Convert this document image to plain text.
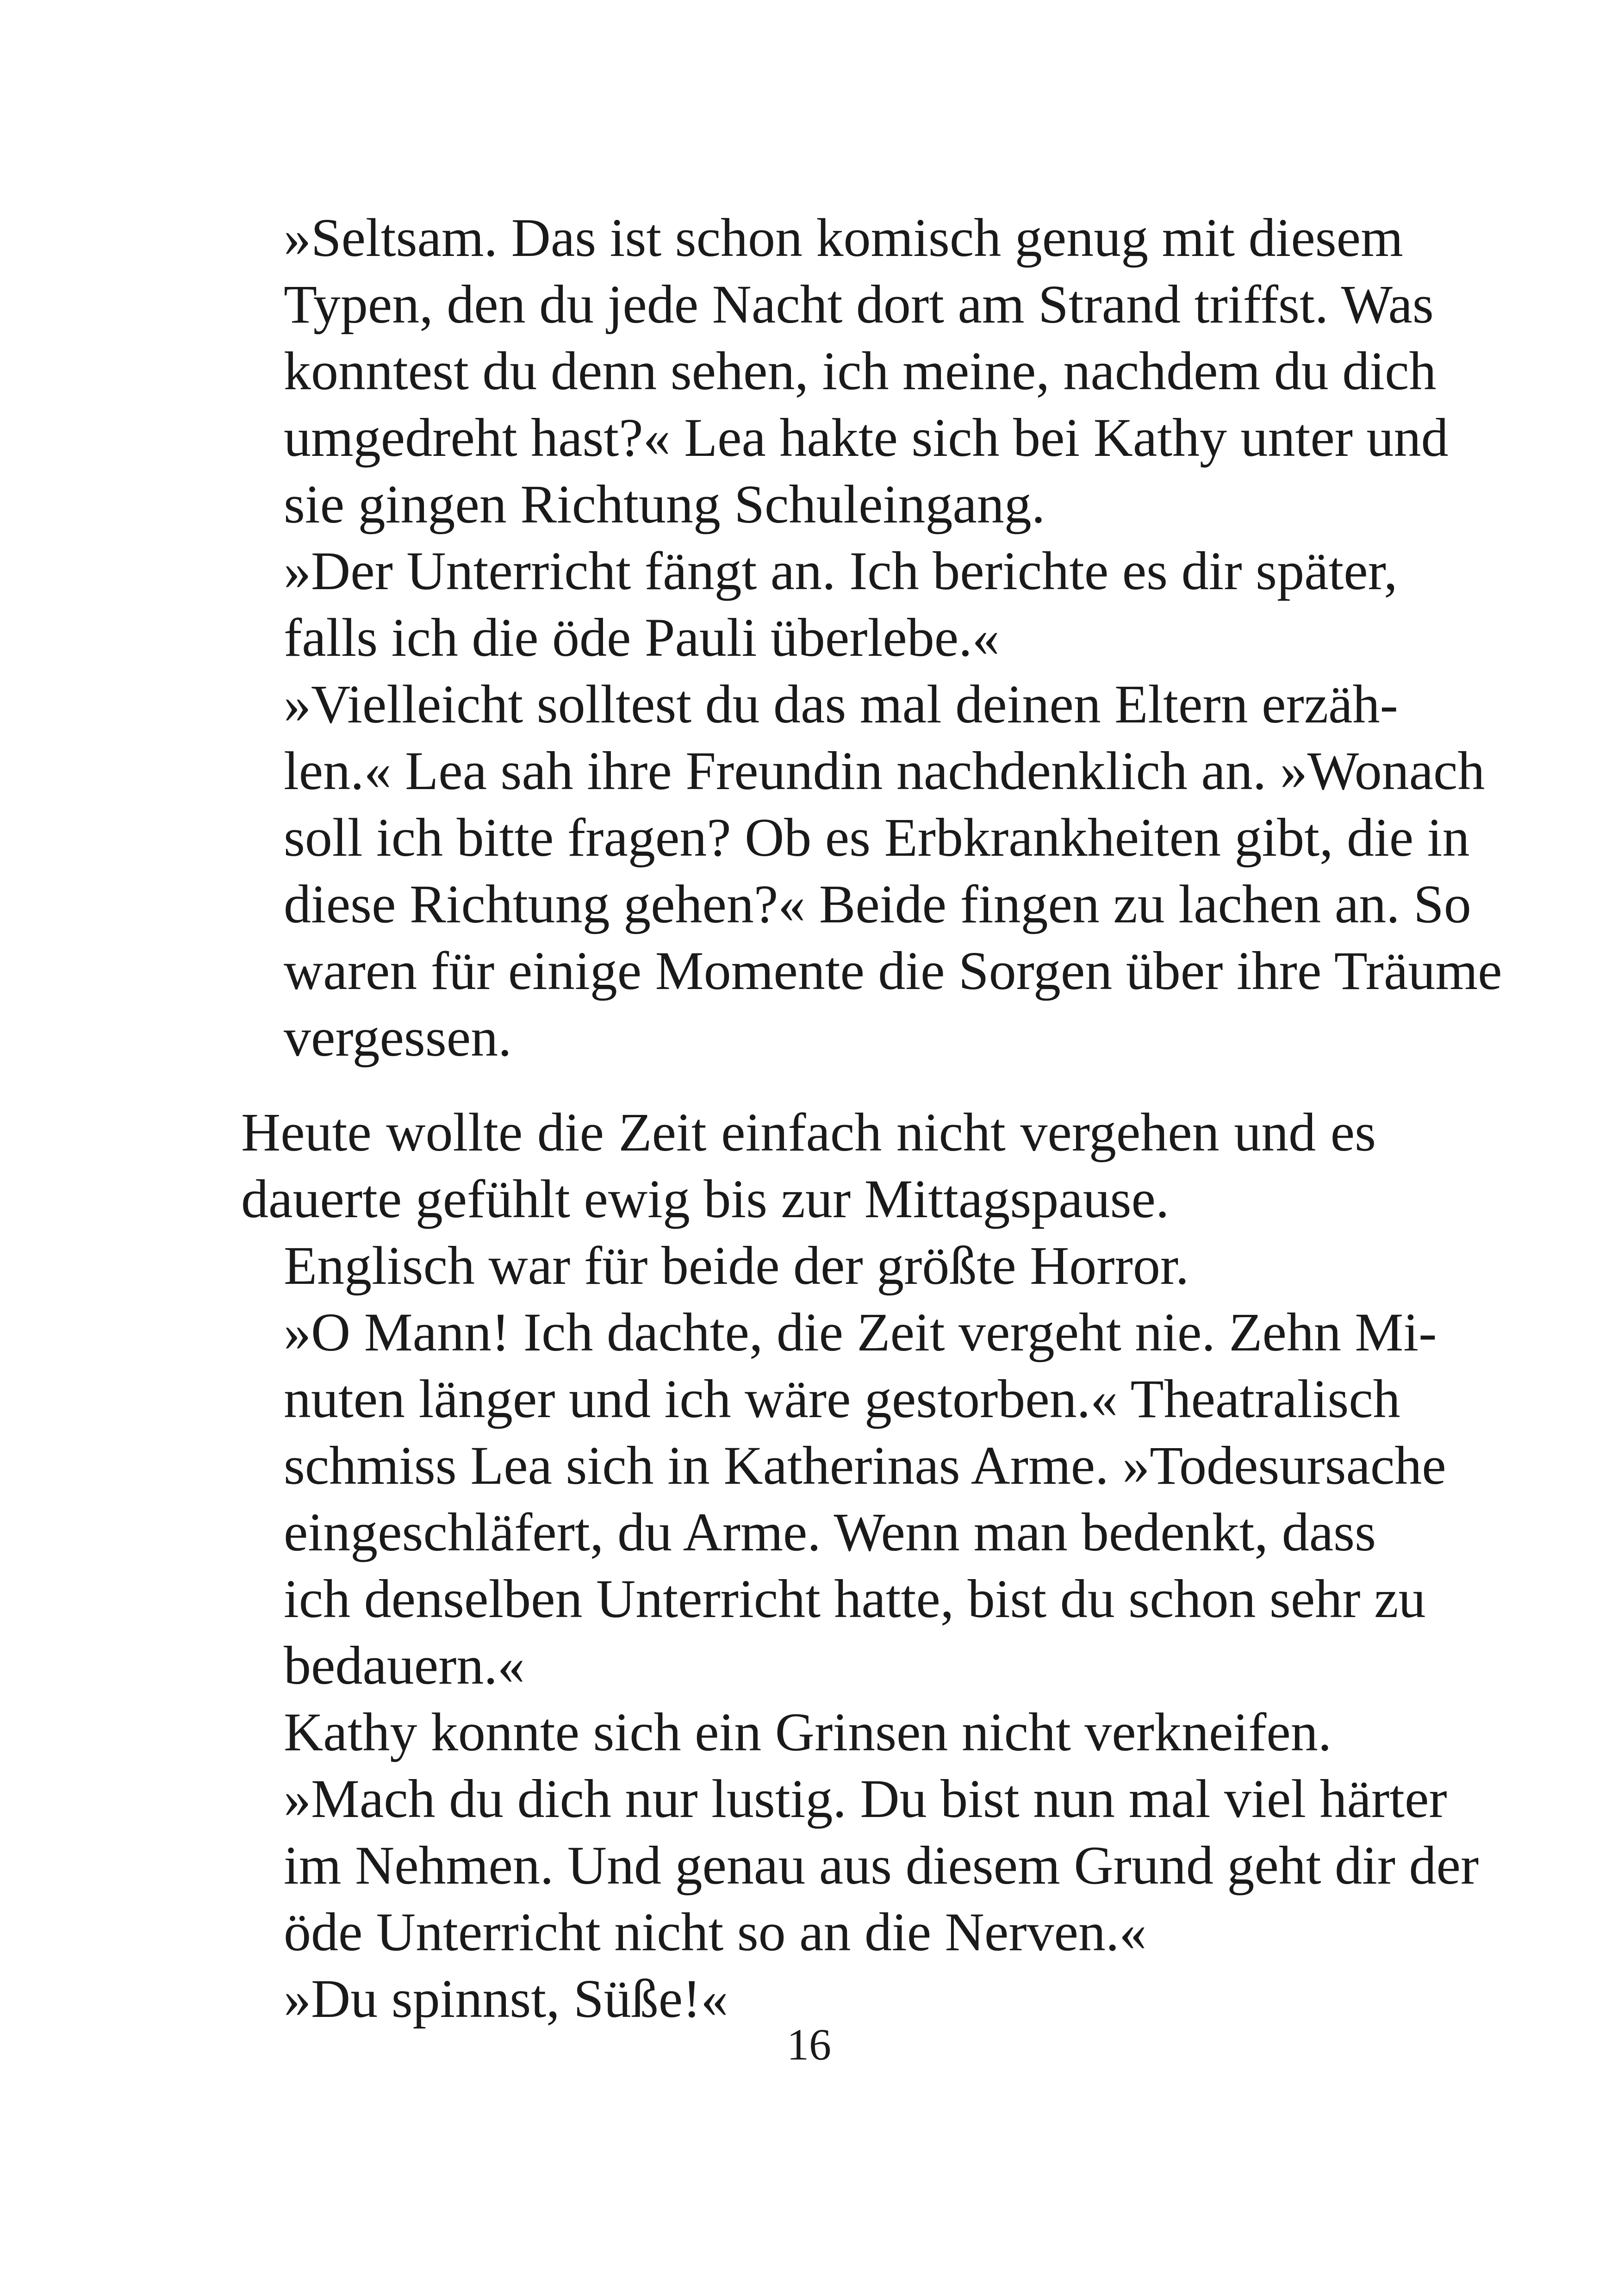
»Seltsam. Das ist schon komisch genug mit diesem
Typen, den du jede Nacht dort am Strand triffst. Was
konntest du denn sehen, ich meine, nachdem du dich
umgedreht hast?« Lea hakte sich bei Kathy unter und
sie gingen Richtung Schuleingang.

»Der Unterricht fängt an. Ich berichte es dir später,
falls ich die öde Pauli überlebe.«

»Vielleicht solltest du das mal deinen Eltern erzäh-
len.« Lea sah ihre Freundin nachdenklich an. »Wonach
soll ich bitte fragen? Ob es Erbkrankheiten gibt, die in
diese Richtung gehen?« Beide fingen zu lachen an. So
waren für einige Momente die Sorgen über ihre Träume
vergessen.

Heute wollte die Zeit einfach nicht vergehen und es
dauerte gefühlt ewig bis zur Mittagspause.

Englisch war für beide der größte Horror.

»O Mann! Ich dachte, die Zeit vergeht nie. Zehn Mi-
nuten länger und ich wäre gestorben.« Theatralisch
schmiss Lea sich in Katherinas Arme. »Todesursache
eingeschläfert, du Arme. Wenn man bedenkt, dass
ich denselben Unterricht hatte, bist du schon sehr zu
bedauern.«

Kathy konnte sich ein Grinsen nicht verkneifen.

»Mach du dich nur lustig. Du bist nun mal viel härter
im Nehmen. Und genau aus diesem Grund geht dir der
öde Unterricht nicht so an die Nerven.«

»Du spinnst, Süße!«

16
